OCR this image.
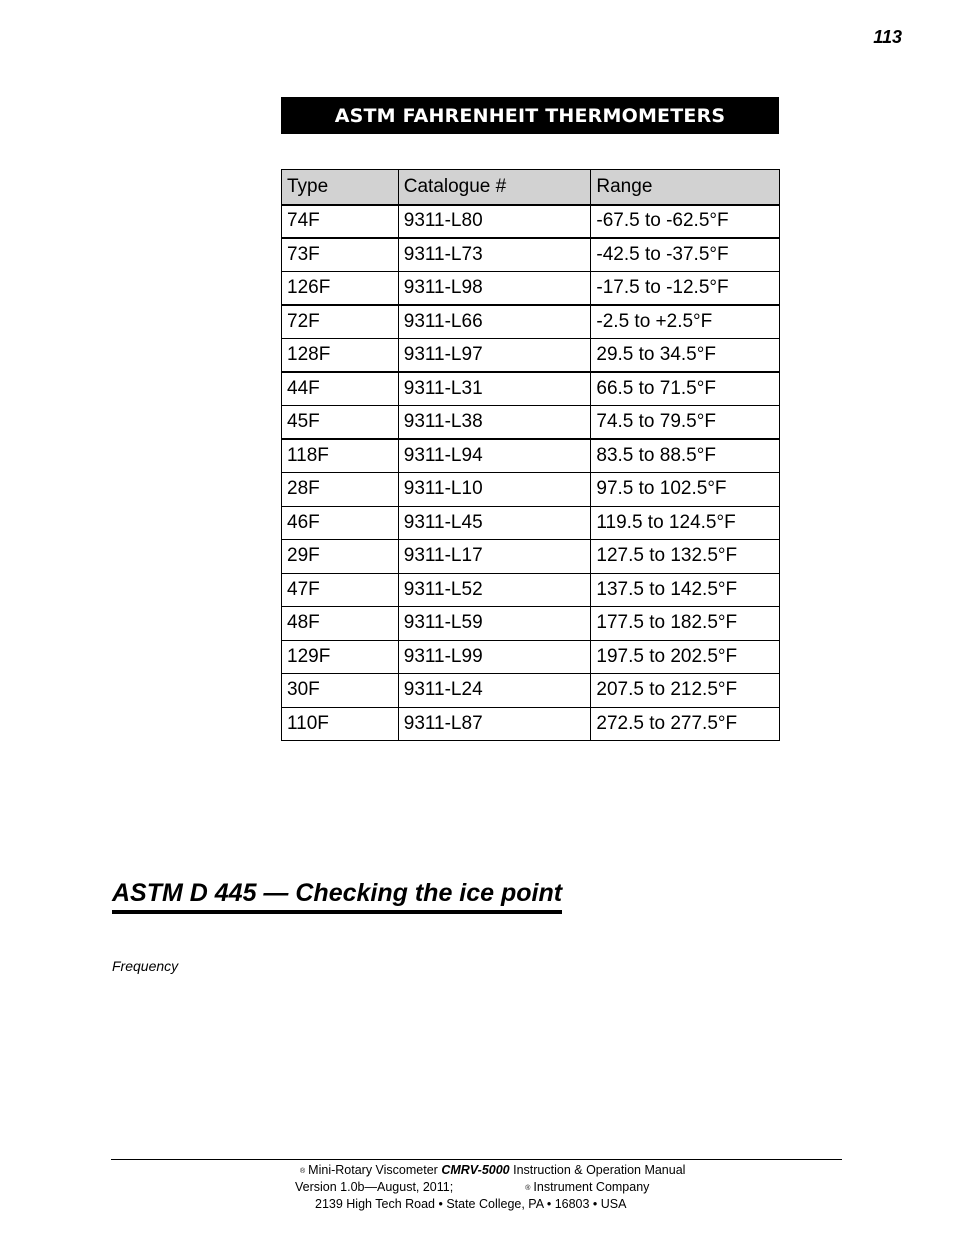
113
ASTM FAHRENHEIT THERMOMETERS
Type	Catalogue #	Range
74F	9311-L80	-67.5 to -62.5°F
73F	9311-L73	-42.5 to -37.5°F
126F	9311-L98	-17.5 to -12.5°F
72F	9311-L66	-2.5 to +2.5°F
128F	9311-L97	29.5 to 34.5°F
44F	9311-L31	66.5 to 71.5°F
45F	9311-L38	74.5 to 79.5°F
118F	9311-L94	83.5 to 88.5°F
28F	9311-L10	97.5 to 102.5°F
46F	9311-L45	119.5 to 124.5°F
29F	9311-L17	127.5 to 132.5°F
47F	9311-L52	137.5 to 142.5°F
48F	9311-L59	177.5 to 182.5°F
129F	9311-L99	197.5 to 202.5°F
30F	9311-L24	207.5 to 212.5°F
110F	9311-L87	272.5 to 277.5°F
ASTM D 445 — Checking the ice point
Frequency
® Mini-Rotary Viscometer CMRV-5000 Instruction & Operation Manual
Version 1.0b—August, 2011;	® Instrument Company
2139 High Tech Road • State College, PA • 16803 • USA
